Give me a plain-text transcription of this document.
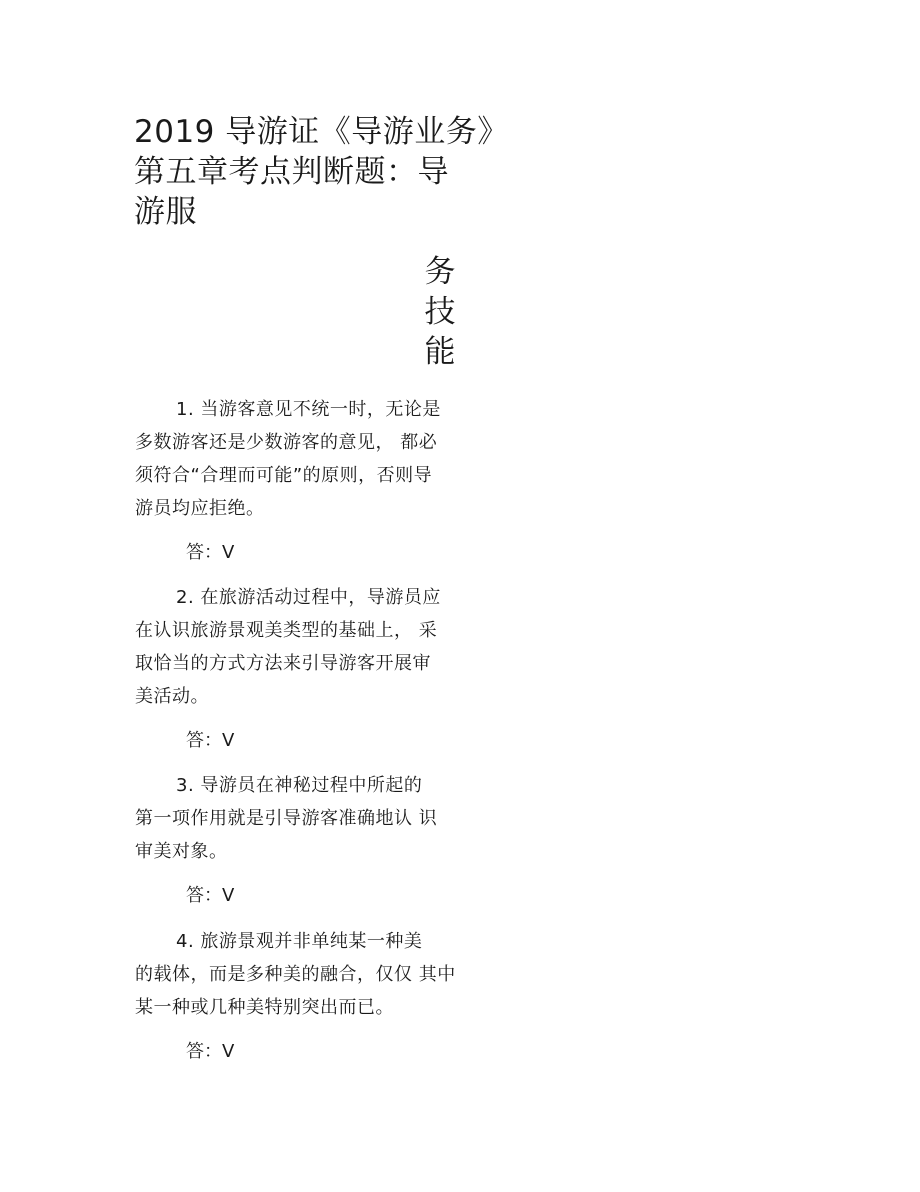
2019 导游证《导游业务》
第五章考点判断题：导
游服
务
技
能
1. 当游客意见不统一时，无论是
多数游客还是少数游客的意见， 都必
须符合“合理而可能”的原则，否则导
游员均应拒绝。
答：V
2. 在旅游活动过程中，导游员应
在认识旅游景观美类型的基础上， 采
取恰当的方式方法来引导游客开展审
美活动。
答：V
3. 导游员在神秘过程中所起的
第一项作用就是引导游客准确地认 识
审美对象。
答：V
4. 旅游景观并非单纯某一种美
的载体，而是多种美的融合，仅仅 其中
某一种或几种美特别突出而已。
答：V
